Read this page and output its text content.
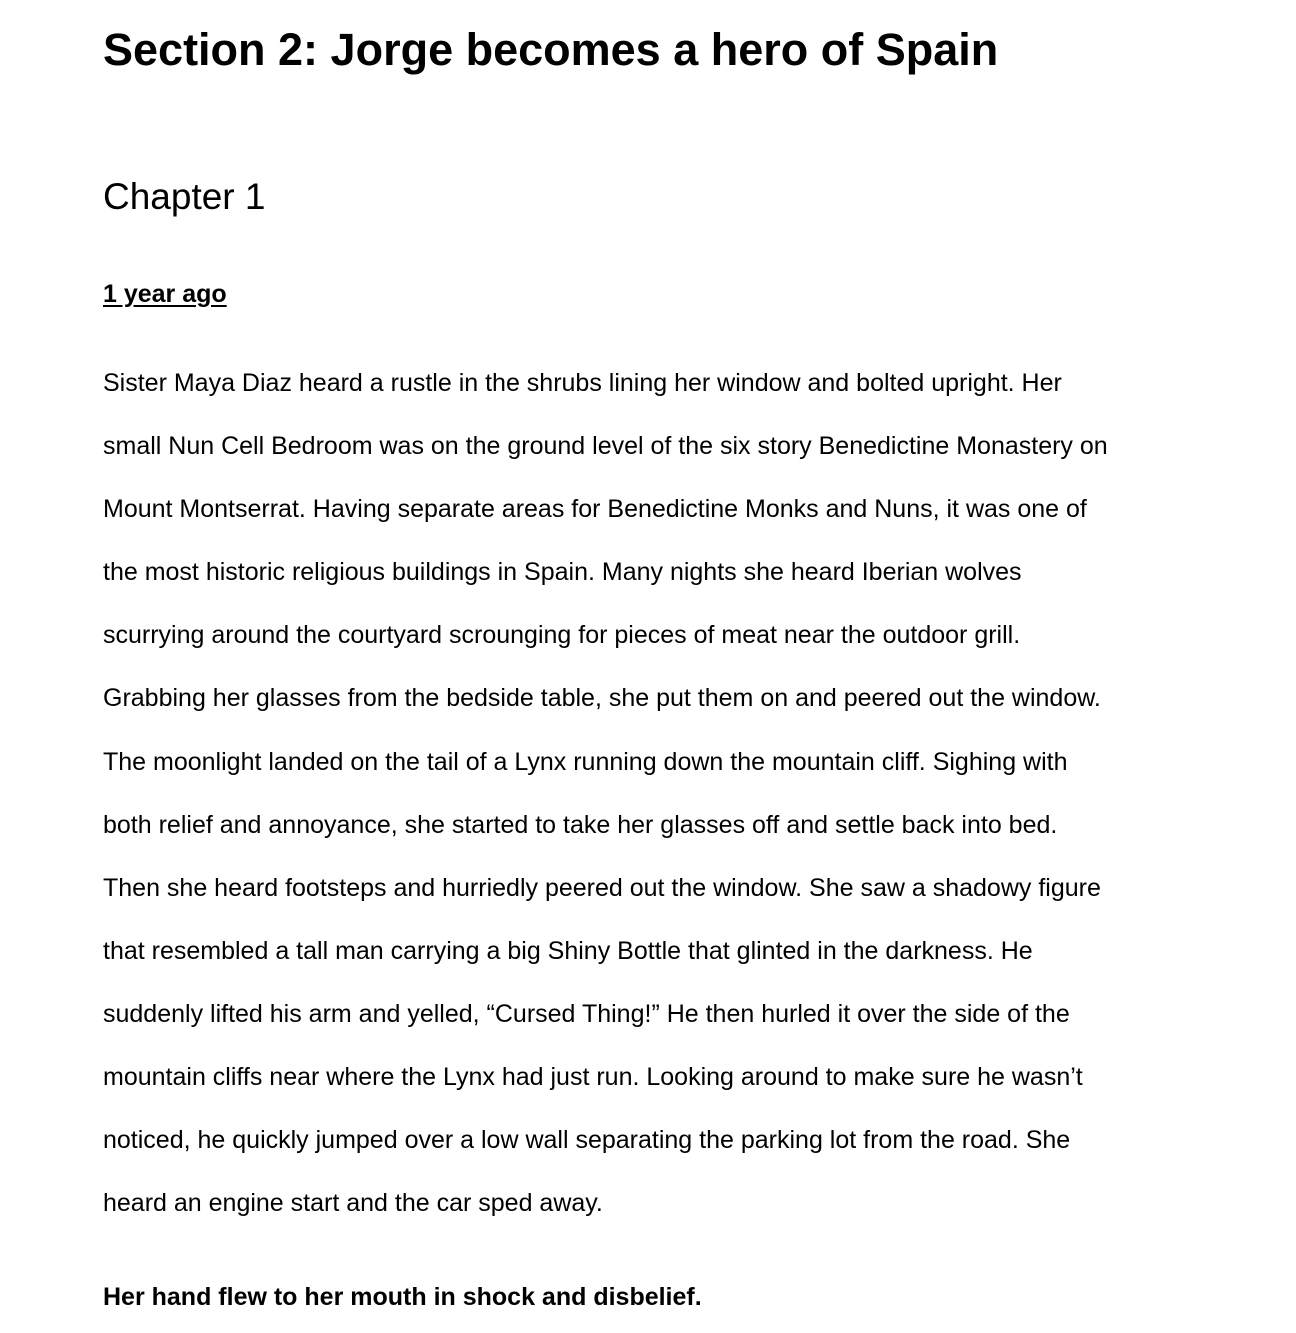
Section 2: Jorge becomes a hero of Spain
Chapter 1

1 year ago

Sister Maya Diaz heard a rustle in the shrubs lining her window and bolted upright. Her
small Nun Cell Bedroom was on the ground level of the six story Benedictine Monastery on
Mount Montserrat. Having separate areas for Benedictine Monks and Nuns, it was one of
the most historic religious buildings in Spain. Many nights she heard Iberian wolves
scurrying around the courtyard scrounging for pieces of meat near the outdoor grill.
Grabbing her glasses from the bedside table, she put them on and peered out the window.
The moonlight landed on the tail of a Lynx running down the mountain cliff. Sighing with
both relief and annoyance, she started to take her glasses off and settle back into bed.
Then she heard footsteps and hurriedly peered out the window. She saw a shadowy figure
that resembled a tall man carrying a big Shiny Bottle that glinted in the darkness. He
suddenly lifted his arm and yelled, “Cursed Thing!” He then hurled it over the side of the
mountain cliffs near where the Lynx had just run. Looking around to make sure he wasn’t
noticed, he quickly jumped over a low wall separating the parking lot from the road. She
heard an engine start and the car sped away.

Her hand flew to her mouth in shock and disbelief.
